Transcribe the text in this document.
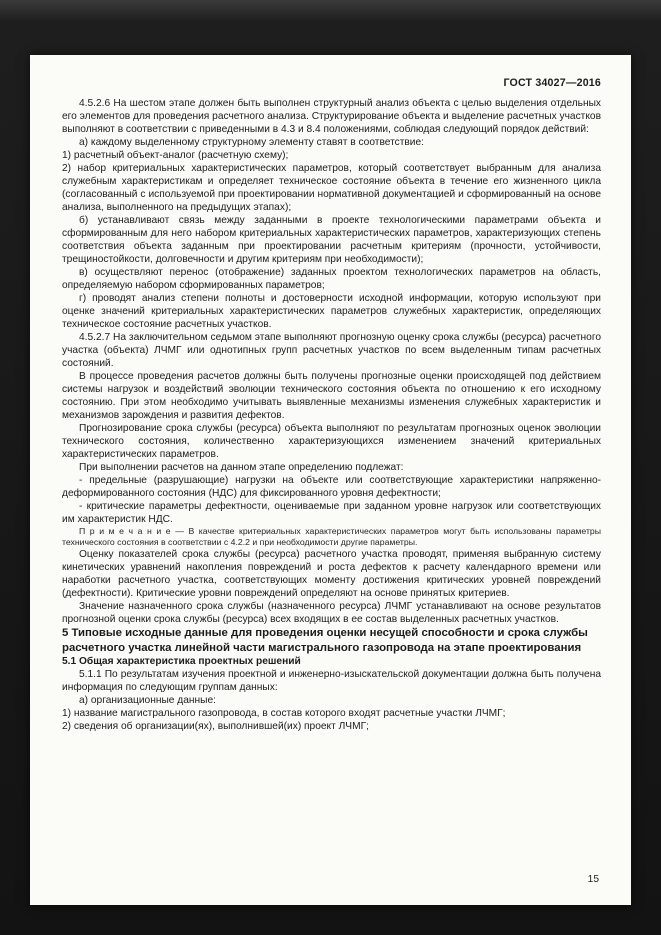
ГОСТ 34027—2016

4.5.2.6 На шестом этапе должен быть выполнен структурный анализ объекта с целью выделения отдельных его элементов для проведения расчетного анализа. Структурирование объекта и выделение расчетных участков выполняют в соответствии с приведенными в 4.3 и 8.4 положениями, соблюдая следующий порядок действий:

а) каждому выделенному структурному элементу ставят в соответствие:

1) расчетный объект-аналог (расчетную схему);

2) набор критериальных характеристических параметров, который соответствует выбранным для анализа служебным характеристикам и определяет техническое состояние объекта в течение его жизненного цикла (согласованный с используемой при проектировании нормативной документацией и сформированный на основе анализа, выполненного на предыдущих этапах);

б) устанавливают связь между заданными в проекте технологическими параметрами объекта и сформированным для него набором критериальных характеристических параметров, характеризующих степень соответствия объекта заданным при проектировании расчетным критериям (прочности, устойчивости, трещиностойкости, долговечности и другим критериям при необходимости);

в) осуществляют перенос (отображение) заданных проектом технологических параметров на область, определяемую набором сформированных параметров;

г) проводят анализ степени полноты и достоверности исходной информации, которую используют при оценке значений критериальных характеристических параметров служебных характеристик, определяющих техническое состояние расчетных участков.

4.5.2.7 На заключительном седьмом этапе выполняют прогнозную оценку срока службы (ресурса) расчетного участка (объекта) ЛЧМГ или однотипных групп расчетных участков по всем выделенным типам расчетных состояний.

В процессе проведения расчетов должны быть получены прогнозные оценки происходящей под действием системы нагрузок и воздействий эволюции технического состояния объекта по отношению к его исходному состоянию. При этом необходимо учитывать выявленные механизмы изменения служебных характеристик и механизмов зарождения и развития дефектов.

Прогнозирование срока службы (ресурса) объекта выполняют по результатам прогнозных оценок эволюции технического состояния, количественно характеризующихся изменением значений критериальных характеристических параметров.

При выполнении расчетов на данном этапе определению подлежат:

- предельные (разрушающие) нагрузки на объекте или соответствующие характеристики напряженно-деформированного состояния (НДС) для фиксированного уровня дефектности;

- критические параметры дефектности, оцениваемые при заданном уровне нагрузок или соответствующих им характеристик НДС.

П р и м е ч а н и е — В качестве критериальных характеристических параметров могут быть использованы параметры технического состояния в соответствии с 4.2.2 и при необходимости другие параметры.

Оценку показателей срока службы (ресурса) расчетного участка проводят, применяя выбранную систему кинетических уравнений накопления повреждений и роста дефектов к расчету календарного времени или наработки расчетного участка, соответствующих моменту достижения критических уровней повреждений (дефектности). Критические уровни повреждений определяют на основе принятых критериев.

Значение назначенного срока службы (назначенного ресурса) ЛЧМГ устанавливают на основе результатов прогнозной оценки срока службы (ресурса) всех входящих в ее состав выделенных расчетных участков.

5 Типовые исходные данные для проведения оценки несущей способности и срока службы расчетного участка линейной части магистрального газопровода на этапе проектирования

5.1 Общая характеристика проектных решений

5.1.1 По результатам изучения проектной и инженерно-изыскательской документации должна быть получена информация по следующим группам данных:

а) организационные данные:

1) название магистрального газопровода, в состав которого входят расчетные участки ЛЧМГ;

2) сведения об организации(ях), выполнившей(их) проект ЛЧМГ;

15
